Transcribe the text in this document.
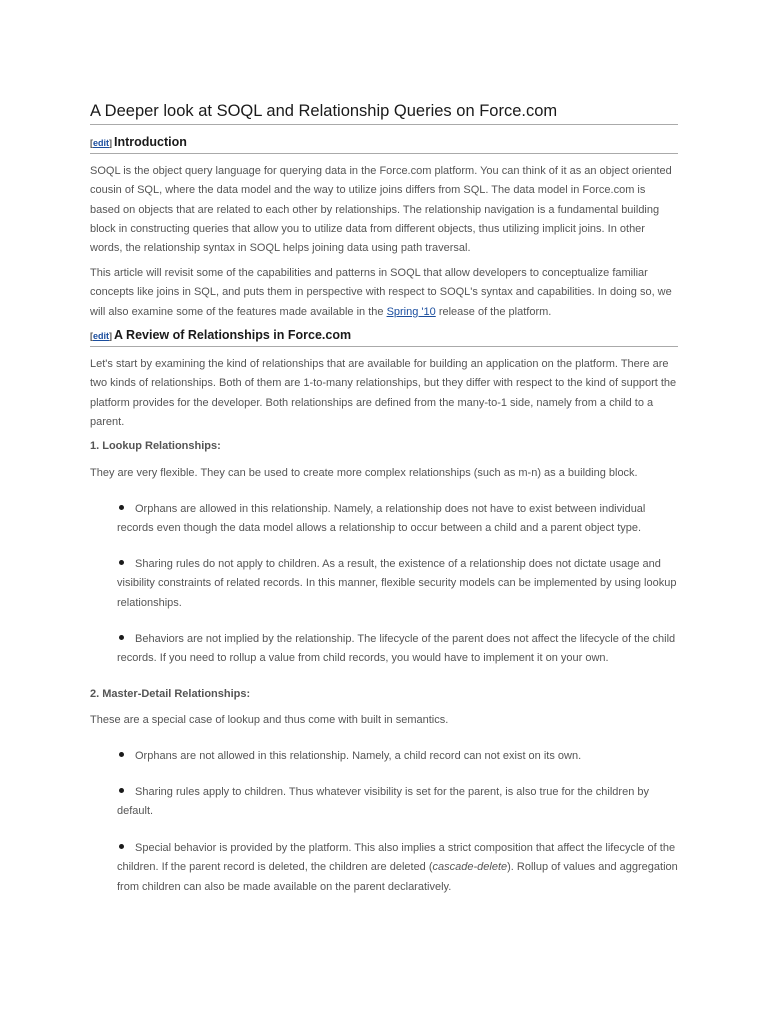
A Deeper look at SOQL and Relationship Queries on Force.com
[edit] Introduction

SOQL is the object query language for querying data in the Force.com platform. You can think of it as an object oriented cousin of SQL, where the data model and the way to utilize joins differs from SQL. The data model in Force.com is based on objects that are related to each other by relationships. The relationship navigation is a fundamental building block in constructing queries that allow you to utilize data from different objects, thus utilizing implicit joins. In other words, the relationship syntax in SOQL helps joining data using path traversal.

This article will revisit some of the capabilities and patterns in SOQL that allow developers to conceptualize familiar concepts like joins in SQL, and puts them in perspective with respect to SOQL's syntax and capabilities. In doing so, we will also examine some of the features made available in the Spring '10 release of the platform.

[edit] A Review of Relationships in Force.com

Let's start by examining the kind of relationships that are available for building an application on the platform. There are two kinds of relationships. Both of them are 1-to-many relationships, but they differ with respect to the kind of support the platform provides for the developer. Both relationships are defined from the many-to-1 side, namely from a child to a parent.

1. Lookup Relationships:

They are very flexible. They can be used to create more complex relationships (such as m-n) as a building block.

Orphans are allowed in this relationship. Namely, a relationship does not have to exist between individual records even though the data model allows a relationship to occur between a child and a parent object type.

Sharing rules do not apply to children. As a result, the existence of a relationship does not dictate usage and visibility constraints of related records. In this manner, flexible security models can be implemented by using lookup relationships.

Behaviors are not implied by the relationship. The lifecycle of the parent does not affect the lifecycle of the child records. If you need to rollup a value from child records, you would have to implement it on your own.

2. Master-Detail Relationships:

These are a special case of lookup and thus come with built in semantics.

Orphans are not allowed in this relationship. Namely, a child record can not exist on its own.

Sharing rules apply to children. Thus whatever visibility is set for the parent, is also true for the children by default.

Special behavior is provided by the platform. This also implies a strict composition that affect the lifecycle of the children. If the parent record is deleted, the children are deleted (cascade-delete). Rollup of values and aggregation from children can also be made available on the parent declaratively.
